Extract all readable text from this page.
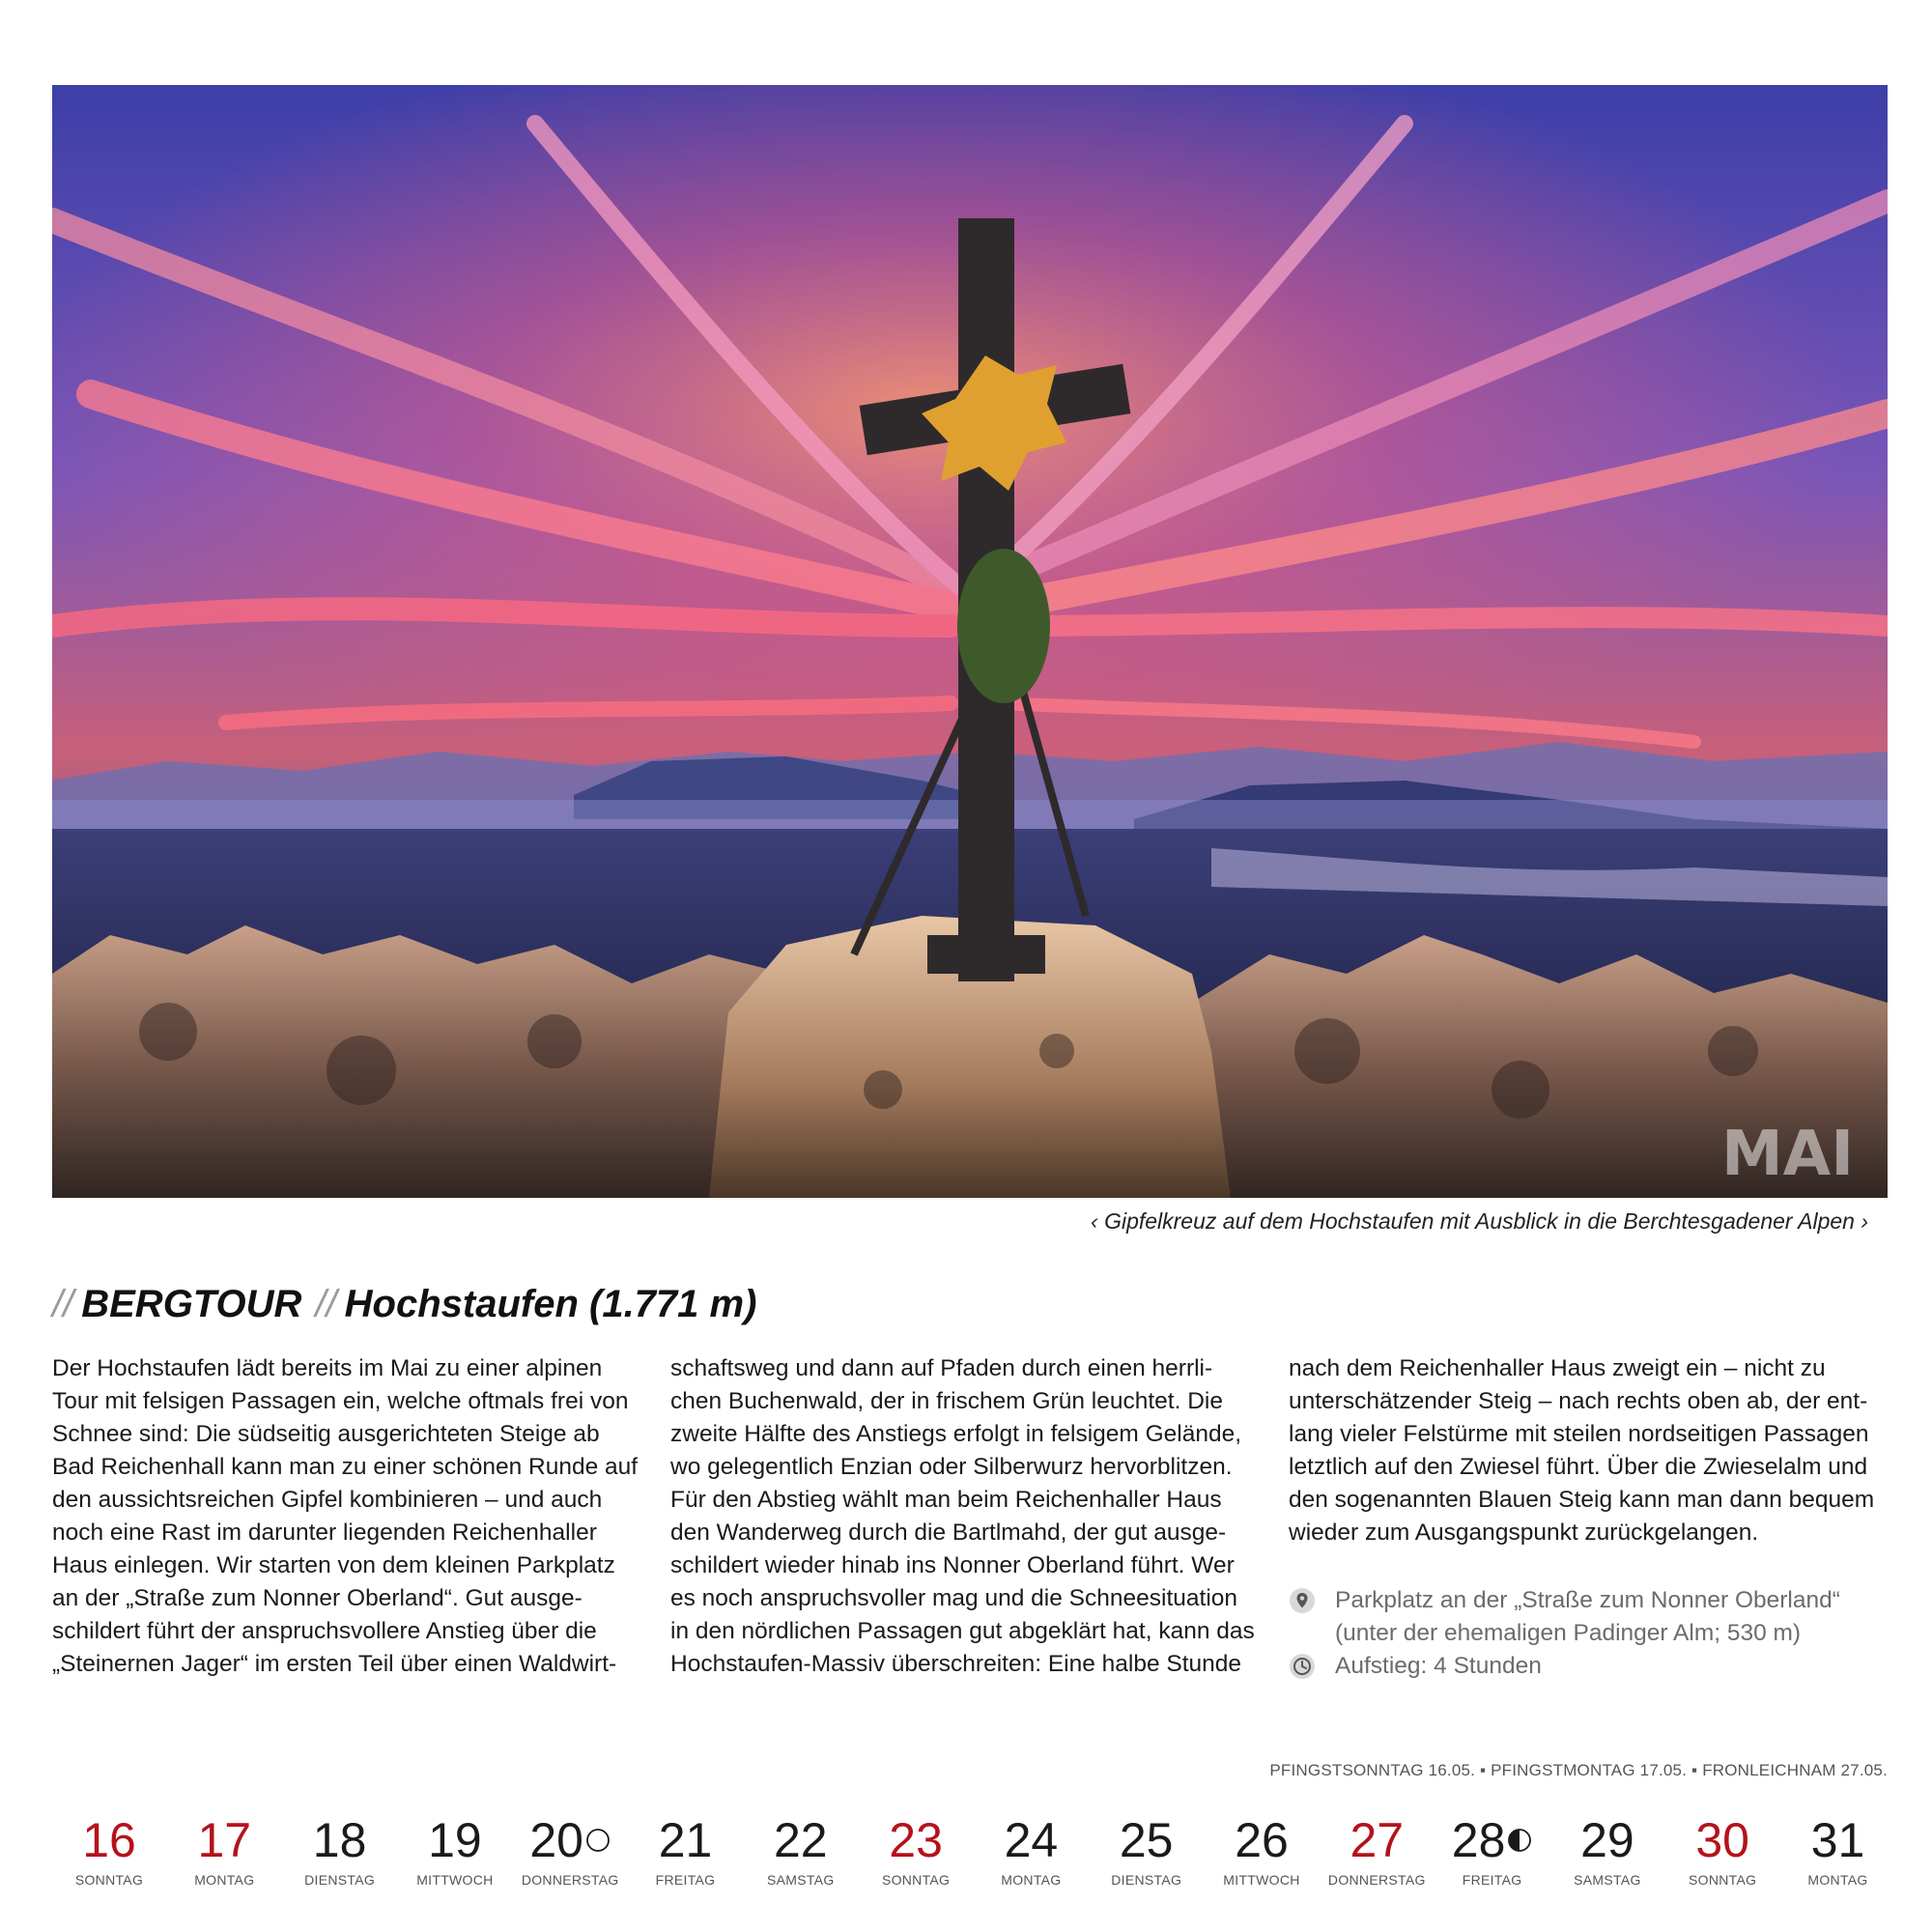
MAI
‹ Gipfelkreuz auf dem Hochstaufen mit Ausblick in die Berchtesgadener Alpen ›
// BERGTOUR // Hochstaufen (1.771 m)

Der Hochstaufen lädt bereits im Mai zu einer alpinen Tour mit felsigen Passagen ein, welche oftmals frei von Schnee sind: Die südseitig ausgerichteten Steige ab Bad Reichenhall kann man zu einer schönen Runde auf den aussichtsreichen Gipfel kombinieren – und auch noch eine Rast im darunter liegenden Reichenhaller Haus einlegen. Wir starten von dem kleinen Parkplatz an der „Straße zum Nonner Oberland“. Gut ausge-schildert führt der anspruchsvollere Anstieg über die „Steinernen Jager“ im ersten Teil über einen Waldwirt-

schaftsweg und dann auf Pfaden durch einen herrli-chen Buchenwald, der in frischem Grün leuchtet. Die zweite Hälfte des Anstiegs erfolgt in felsigem Gelände, wo gelegentlich Enzian oder Silberwurz hervorblitzen. Für den Abstieg wählt man beim Reichenhaller Haus den Wanderweg durch die Bartlmahd, der gut ausge-schildert wieder hinab ins Nonner Oberland führt. Wer es noch anspruchsvoller mag und die Schneesituation in den nördlichen Passagen gut abgeklärt hat, kann das Hochstaufen-Massiv überschreiten: Eine halbe Stunde

nach dem Reichenhaller Haus zweigt ein – nicht zu unterschätzender Steig – nach rechts oben ab, der ent-lang vieler Felstürme mit steilen nordseitigen Passagen letztlich auf den Zwiesel führt. Über die Zwieselalm und den sogenannten Blauen Steig kann man dann bequem wieder zum Ausgangspunkt zurückgelangen.

Parkplatz an der „Straße zum Nonner Oberland“ (unter der ehemaligen Padinger Alm; 530 m)
Aufstieg: 4 Stunden
PFINGSTSONNTAG 16.05. ▪ PFINGSTMONTAG 17.05. ▪ FRONLEICHNAM 27.05.
16
SONNTAG
17
MONTAG
18
DIENSTAG
19
MITTWOCH
20
DONNERSTAG
21
FREITAG
22
SAMSTAG
23
SONNTAG
24
MONTAG
25
DIENSTAG
26
MITTWOCH
27
DONNERSTAG
28
FREITAG
29
SAMSTAG
30
SONNTAG
31
MONTAG
